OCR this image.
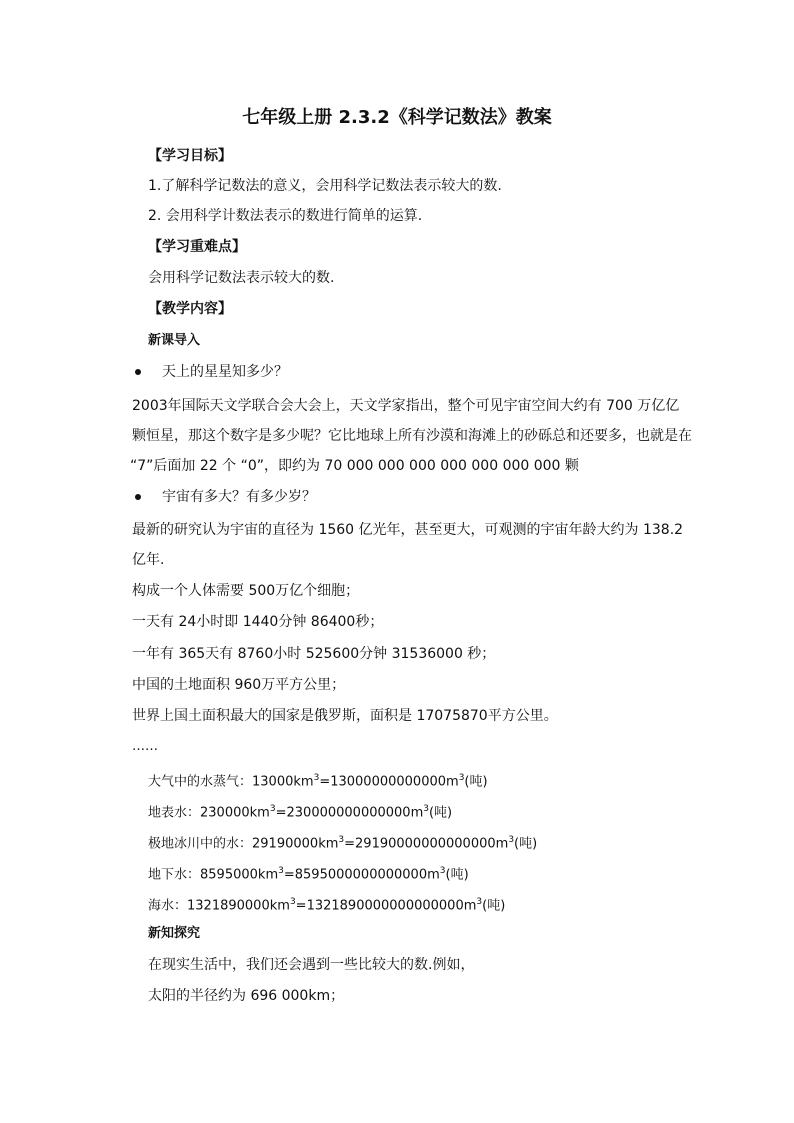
七年级上册 2.3.2《科学记数法》教案
【学习目标】
1.了解科学记数法的意义，会用科学记数法表示较大的数.
2. 会用科学计数法表示的数进行简单的运算.
【学习重难点】
会用科学记数法表示较大的数.
【教学内容】
新课导入
天上的星星知多少？
2003年国际天文学联合会大会上，天文学家指出，整个可见宇宙空间大约有 700 万亿亿
颗恒星，那这个数字是多少呢？它比地球上所有沙漠和海滩上的砂砾总和还要多，也就是在
“7”后面加 22 个 “0”，即约为 70 000 000 000 000 000 000 000 颗
宇宙有多大？有多少岁？
最新的研究认为宇宙的直径为 1560 亿光年，甚至更大，可观测的宇宙年龄大约为 138.2
亿年.
构成一个人体需要 500万亿个细胞；
一天有 24小时即 1440分钟 86400秒；
一年有 365天有 8760小时 525600分钟 31536000 秒；
中国的土地面积 960万平方公里；
世界上国土面积最大的国家是俄罗斯，面积是 17075870平方公里。
……
大气中的水蒸气：$13000km^3=13000000000000m^3$(吨)
地表水：$230000km^3=230000000000000m^3$(吨)
极地冰川中的水：$29190000km^3=29190000000000000m^3$(吨)
地下水：$8595000km^3=8595000000000000m^3$(吨)
海水：$1321890000km^3=1321890000000000000m^3$(吨)
新知探究
在现实生活中，我们还会遇到一些比较大的数.例如，
太阳的半径约为 696 000km；
